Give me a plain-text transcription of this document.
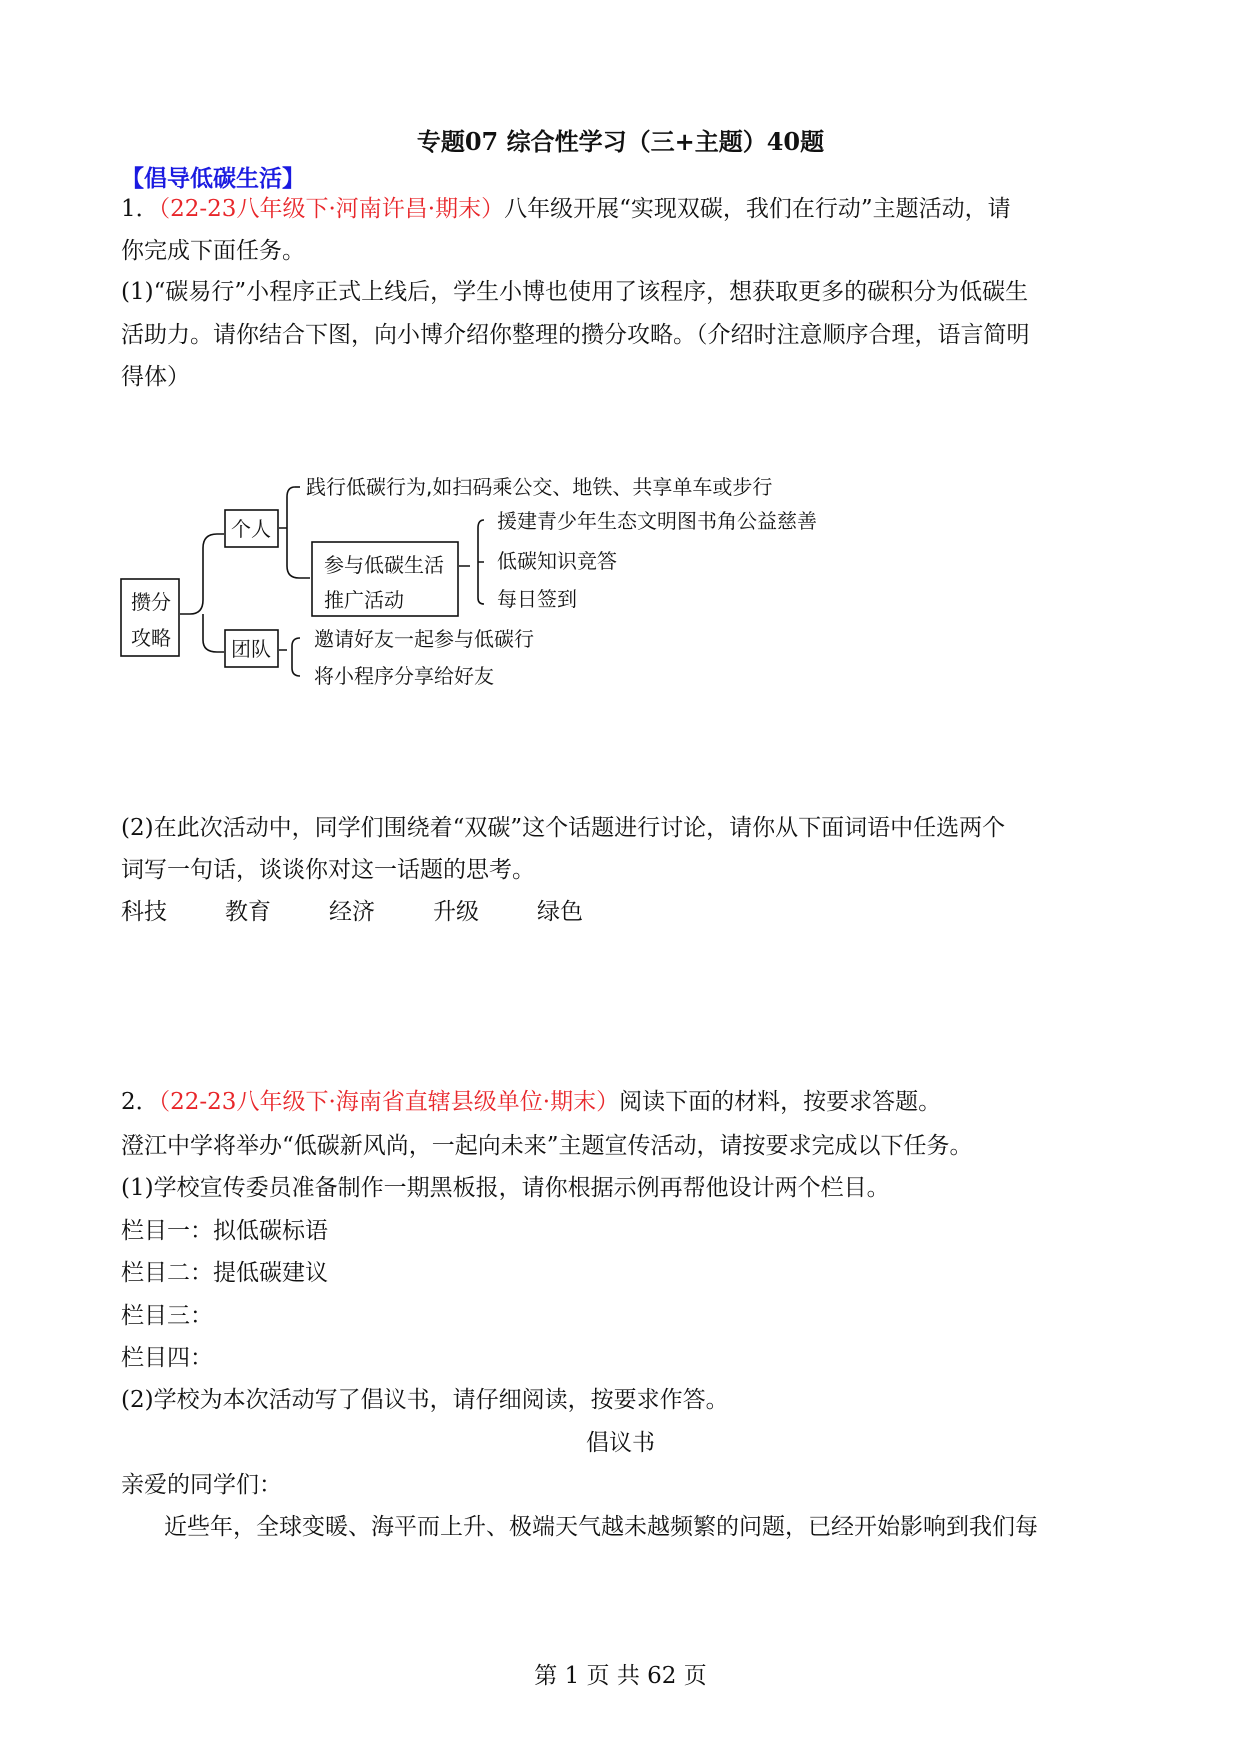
专题07 综合性学习（三+主题）40题
【倡导低碳生活】
1．（22-23八年级下·河南许昌·期末）八年级开展“实现双碳，我们在行动”主题活动，请
你完成下面任务。
(1)“碳易行”小程序正式上线后，学生小博也使用了该程序，想获取更多的碳积分为低碳生
活助力。请你结合下图，向小博介绍你整理的攒分攻略。（介绍时注意顺序合理，语言简明
得体）
攒分
攻略
个人
团队
践行低碳行为,如扫码乘公交、地铁、共享单车或步行
参与低碳生活
推广活动
援建青少年生态文明图书角公益慈善
低碳知识竞答
每日签到
邀请好友一起参与低碳行
将小程序分享给好友
(2)在此次活动中，同学们围绕着“双碳”这个话题进行讨论，请你从下面词语中任选两个
词写一句话，谈谈你对这一话题的思考。
科技	教育	经济	升级	绿色
2．（22-23八年级下·海南省直辖县级单位·期末）阅读下面的材料，按要求答题。
澄江中学将举办“低碳新风尚，一起向未来”主题宣传活动，请按要求完成以下任务。
(1)学校宣传委员准备制作一期黑板报，请你根据示例再帮他设计两个栏目。
栏目一：拟低碳标语
栏目二：提低碳建议
栏目三：
栏目四：
(2)学校为本次活动写了倡议书，请仔细阅读，按要求作答。
倡议书
亲爱的同学们：
近些年，全球变暖、海平而上升、极端天气越未越频繁的问题，已经开始影响到我们每
第 1 页 共 62 页
